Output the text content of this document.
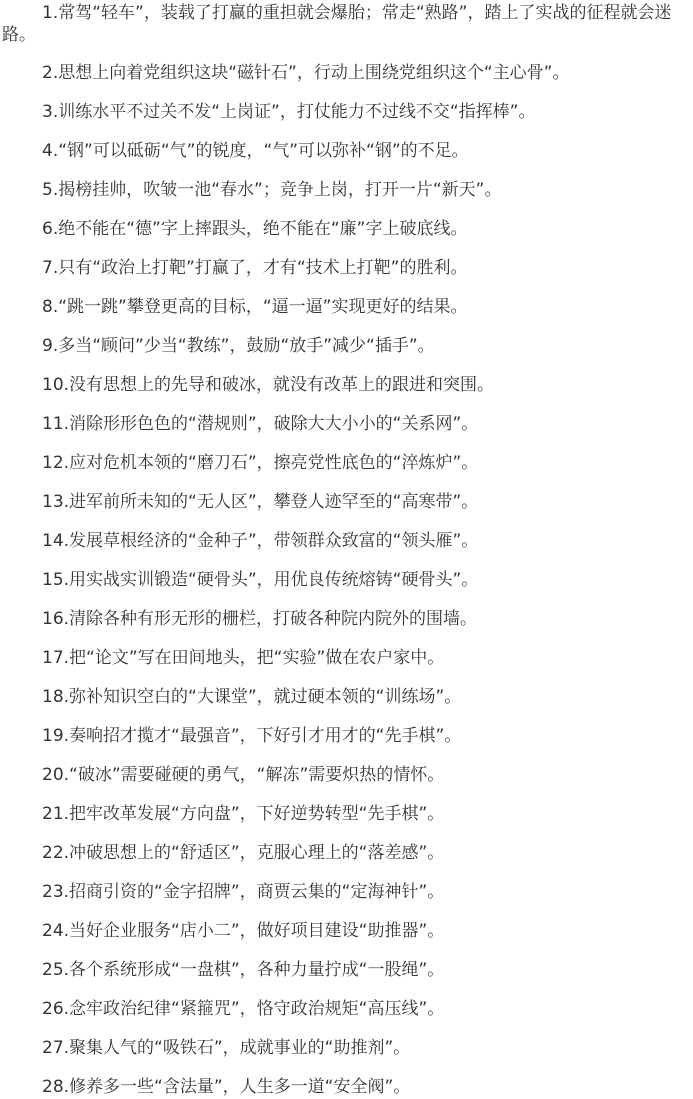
1.常驾“轻车”，装载了打赢的重担就会爆胎；常走“熟路”，踏上了实战的征程就会迷路。

2.思想上向着党组织这块“磁针石”，行动上围绕党组织这个“主心骨”。

3.训练水平不过关不发“上岗证”，打仗能力不过线不交“指挥棒”。

4.“钢”可以砥砺“气”的锐度，“气”可以弥补“钢”的不足。

5.揭榜挂帅，吹皱一池“春水”；竞争上岗，打开一片“新天”。

6.绝不能在“德”字上摔跟头，绝不能在“廉”字上破底线。

7.只有“政治上打靶”打赢了，才有“技术上打靶”的胜利。

8.“跳一跳”攀登更高的目标，“逼一逼”实现更好的结果。

9.多当“顾问”少当“教练”，鼓励“放手”减少“插手”。

10.没有思想上的先导和破冰，就没有改革上的跟进和突围。

11.消除形形色色的“潜规则”，破除大大小小的“关系网”。

12.应对危机本领的“磨刀石”，擦亮党性底色的“淬炼炉”。

13.进军前所未知的“无人区”，攀登人迹罕至的“高寒带”。

14.发展草根经济的“金种子”，带领群众致富的“领头雁”。

15.用实战实训锻造“硬骨头”，用优良传统熔铸“硬骨头”。

16.清除各种有形无形的栅栏，打破各种院内院外的围墙。

17.把“论文”写在田间地头，把“实验”做在农户家中。

18.弥补知识空白的“大课堂”，就过硬本领的“训练场”。

19.奏响招才揽才“最强音”，下好引才用才的“先手棋”。

20.“破冰”需要碰硬的勇气，“解冻”需要炽热的情怀。

21.把牢改革发展“方向盘”，下好逆势转型“先手棋”。

22.冲破思想上的“舒适区”，克服心理上的“落差感”。

23.招商引资的“金字招牌”，商贾云集的“定海神针”。

24.当好企业服务“店小二”，做好项目建设“助推器”。

25.各个系统形成“一盘棋”，各种力量拧成“一股绳”。

26.念牢政治纪律“紧箍咒”，恪守政治规矩“高压线”。

27.聚集人气的“吸铁石”，成就事业的“助推剂”。

28.修养多一些“含法量”，人生多一道“安全阀”。
